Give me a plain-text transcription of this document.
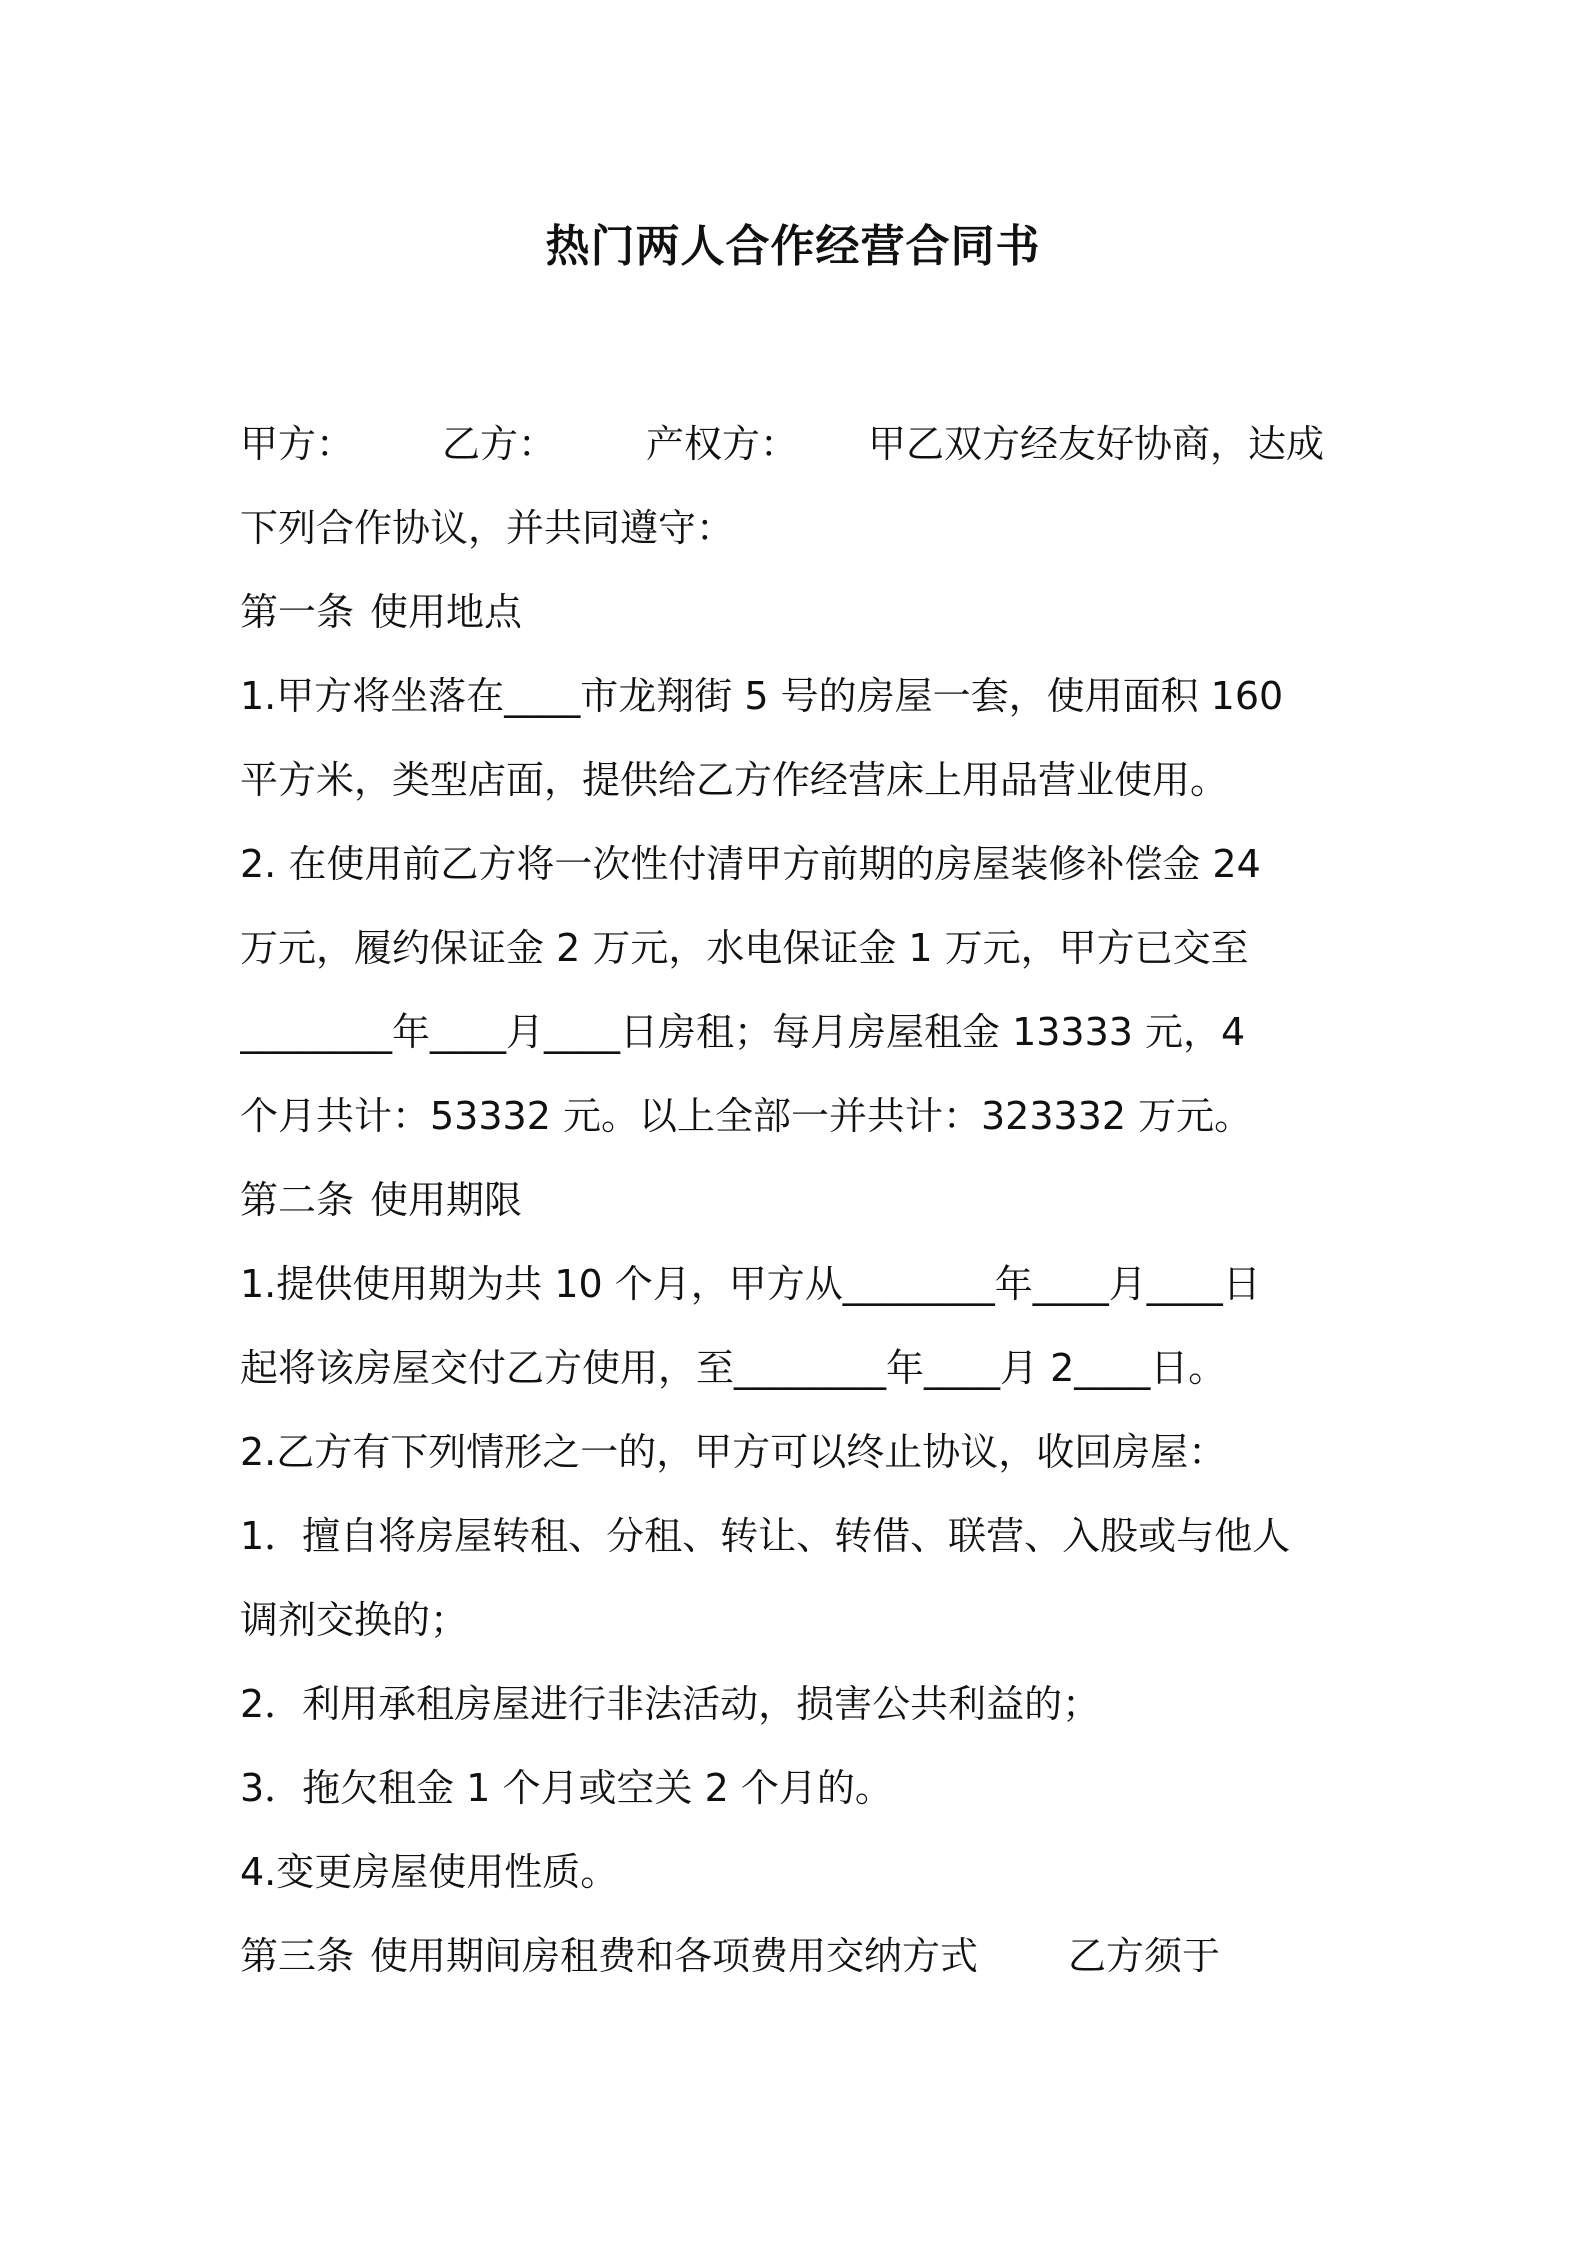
热门两人合作经营合同书
甲方： 乙方： 产权方： 甲乙双方经友好协商，达成
下列合作协议，并共同遵守：
第一条 使用地点
1.甲方将坐落在____市龙翔街 5 号的房屋一套，使用面积 160
平方米，类型店面，提供给乙方作经营床上用品营业使用。
2. 在使用前乙方将一次性付清甲方前期的房屋装修补偿金 24
万元，履约保证金 2 万元，水电保证金 1 万元，甲方已交至
________年____月____日房租；每月房屋租金 13333 元，4
个月共计：53332 元。以上全部一并共计：323332 万元。
第二条 使用期限
1.提供使用期为共 10 个月，甲方从________年____月____日
起将该房屋交付乙方使用，至________年____月 2____日。
2.乙方有下列情形之一的，甲方可以终止协议，收回房屋：
1．擅自将房屋转租、分租、转让、转借、联营、入股或与他人
调剂交换的；
2．利用承租房屋进行非法活动，损害公共利益的；
3．拖欠租金 1 个月或空关 2 个月的。
4.变更房屋使用性质。
第三条 使用期间房租费和各项费用交纳方式 乙方须于
